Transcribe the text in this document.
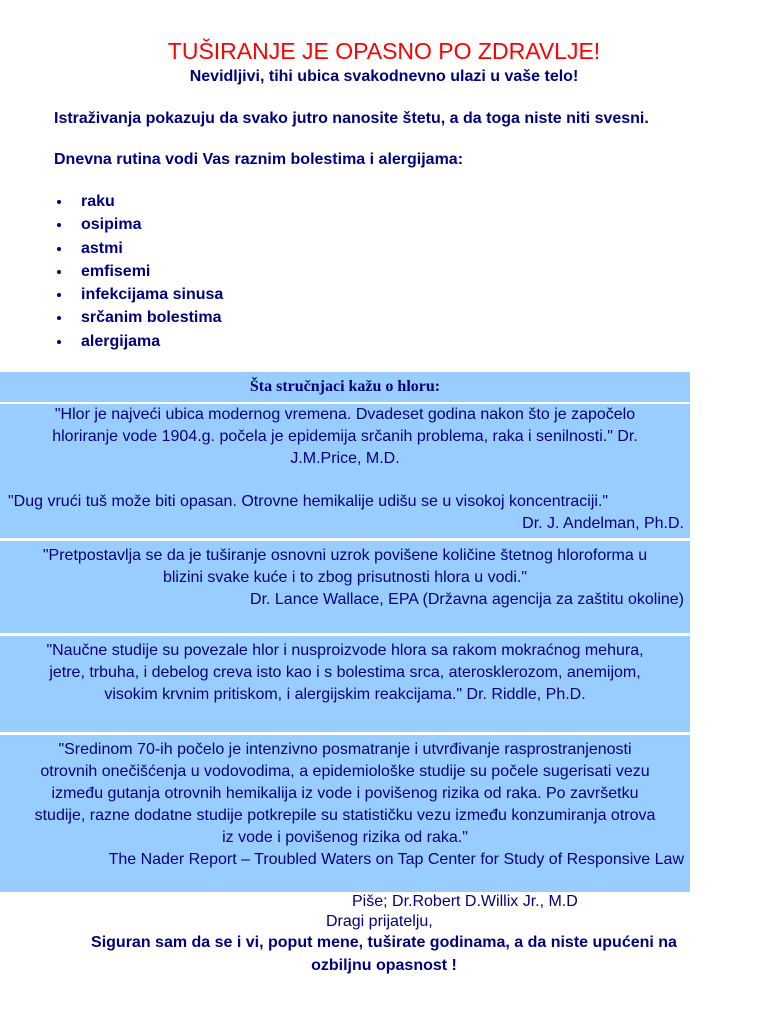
TUŠIRANJE JE OPASNO PO ZDRAVLJE!

Nevidljivi, tihi ubica svakodnevno ulazi u vaše telo!

Istraživanja pokazuju da svako jutro nanosite štetu, a da toga niste niti svesni.

Dnevna rutina vodi Vas raznim bolestima i alergijama:

raku
osipima
astmi
emfisemi
infekcijama sinusa
srčanim bolestima
alergijama
Šta stručnjaci kažu o hloru:
"Hlor je najveći ubica modernog vremena. Dvadeset godina nakon što je započelo
hloriranje vode 1904.g. počela je epidemija srčanih problema, raka i senilnosti." Dr.
J.M.Price, M.D.
"Dug vrući tuš može biti opasan. Otrovne hemikalije udišu se u visokoj koncentraciji."
Dr. J. Andelman, Ph.D.
"Pretpostavlja se da je tuširanje osnovni uzrok povišene količine štetnog hloroforma u
blizini svake kuće i to zbog prisutnosti hlora u vodi."
Dr. Lance Wallace, EPA (Državna agencija za zaštitu okoline)
"Naučne studije su povezale hlor i nusproizvode hlora sa rakom mokraćnog mehura,
jetre, trbuha, i debelog creva isto kao i s bolestima srca, aterosklerozom, anemijom,
visokim krvnim pritiskom, i alergijskim reakcijama." Dr. Riddle, Ph.D.
"Sredinom 70-ih počelo je intenzivno posmatranje i utvrđivanje rasprostranjenosti
otrovnih onečišćenja u vodovodima, a epidemiološke studije su počele sugerisati vezu
između gutanja otrovnih hemikalija iz vode i povišenog rizika od raka. Po završetku
studije, razne dodatne studije potkrepile su statističku vezu između konzumiranja otrova
iz vode i povišenog rizika od raka."
The Nader Report – Troubled Waters on Tap Center for Study of Responsive Law

Piše; Dr.Robert D.Willix Jr., M.D

Dragi prijatelju,

Siguran sam da se i vi, poput mene, tuširate godinama, a da niste upućeni na
ozbiljnu opasnost !
